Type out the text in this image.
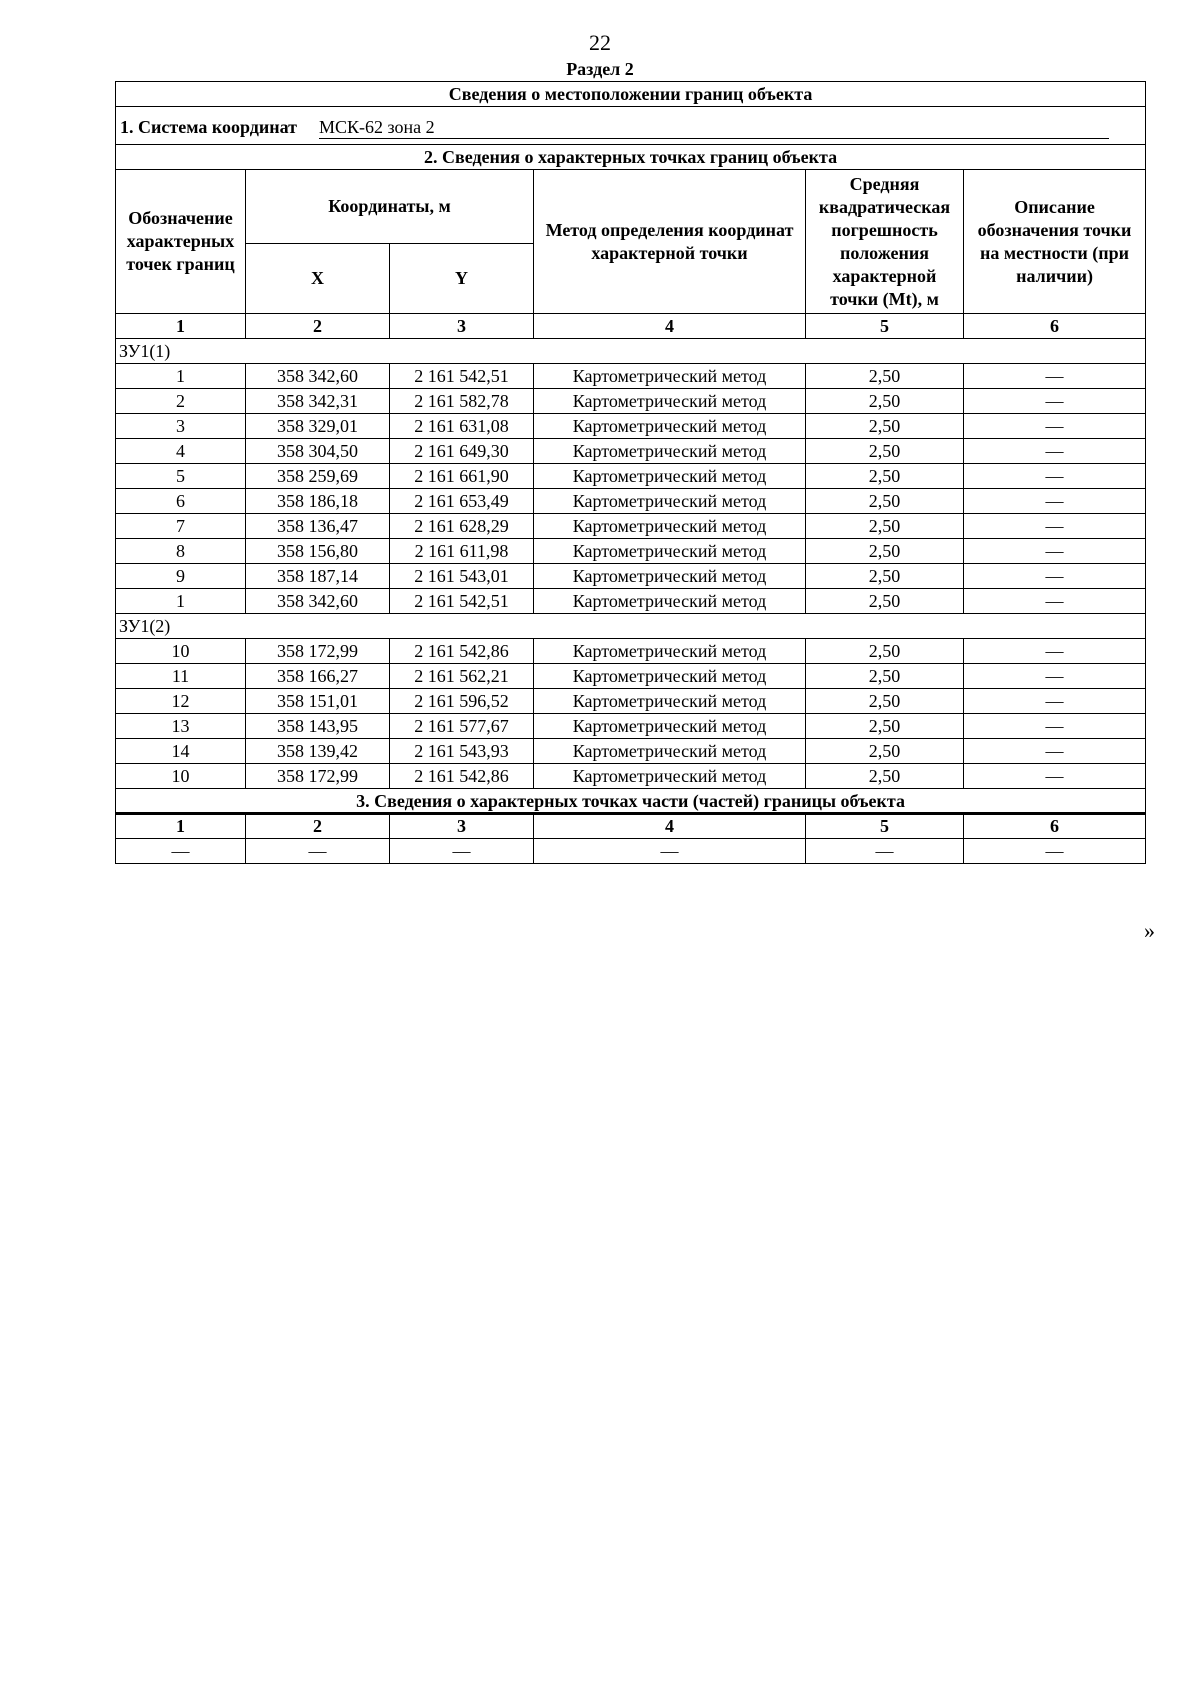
22
Раздел 2
Сведения о местоположении границ объекта					
1. Система координат МСК-62 зона 2					
2. Сведения о характерных точках границ объекта					
Обозначение характерных точек границ	Координаты, м		Метод определения координат характерной точки	Средняя квадратическая погрешность положения характерной точки (Mt), м	Описание обозначения точки на местности (при наличии)
	X	Y			
1	2	3	4	5	6
ЗУ1(1)					
1	358 342,60	2 161 542,51	Картометрический метод	2,50	—
2	358 342,31	2 161 582,78	Картометрический метод	2,50	—
3	358 329,01	2 161 631,08	Картометрический метод	2,50	—
4	358 304,50	2 161 649,30	Картометрический метод	2,50	—
5	358 259,69	2 161 661,90	Картометрический метод	2,50	—
6	358 186,18	2 161 653,49	Картометрический метод	2,50	—
7	358 136,47	2 161 628,29	Картометрический метод	2,50	—
8	358 156,80	2 161 611,98	Картометрический метод	2,50	—
9	358 187,14	2 161 543,01	Картометрический метод	2,50	—
1	358 342,60	2 161 542,51	Картометрический метод	2,50	—
ЗУ1(2)					
10	358 172,99	2 161 542,86	Картометрический метод	2,50	—
11	358 166,27	2 161 562,21	Картометрический метод	2,50	—
12	358 151,01	2 161 596,52	Картометрический метод	2,50	—
13	358 143,95	2 161 577,67	Картометрический метод	2,50	—
14	358 139,42	2 161 543,93	Картометрический метод	2,50	—
10	358 172,99	2 161 542,86	Картометрический метод	2,50	—
3. Сведения о характерных точках части (частей) границы объекта					
1	2	3	4	5	6
—	—	—	—	—	—
»
